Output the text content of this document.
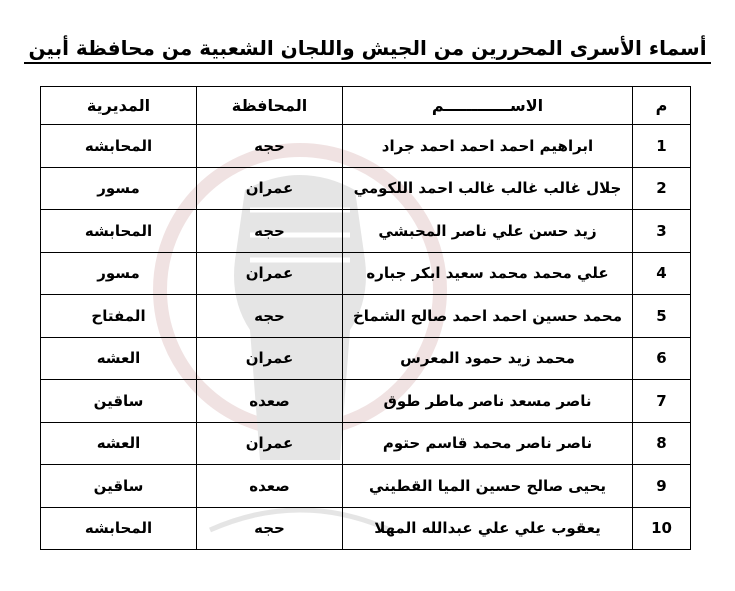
أسماء الأسرى المحررين من الجيش واللجان الشعبية من محافظة أبين
م	الاســــــــــــم	المحافظة	المديرية
1	ابراهيم احمد احمد احمد جراد	حجه	المحابشه
2	جلال غالب غالب غالب احمد اللكومي	عمران	مسور
3	زيد حسن علي ناصر المحبشي	حجه	المحابشه
4	علي محمد محمد سعيد ابكر جباره	عمران	مسور
5	محمد حسين احمد احمد صالح الشماخ	حجه	المفتاح
6	محمد زيد حمود المعرس	عمران	العشه
7	ناصر مسعد ناصر ماطر طوق	صعده	ساقين
8	ناصر ناصر محمد قاسم حتوم	عمران	العشه
9	يحيى صالح حسين الميا القطيني	صعده	ساقين
10	يعقوب علي علي عبدالله المهلا	حجه	المحابشه
